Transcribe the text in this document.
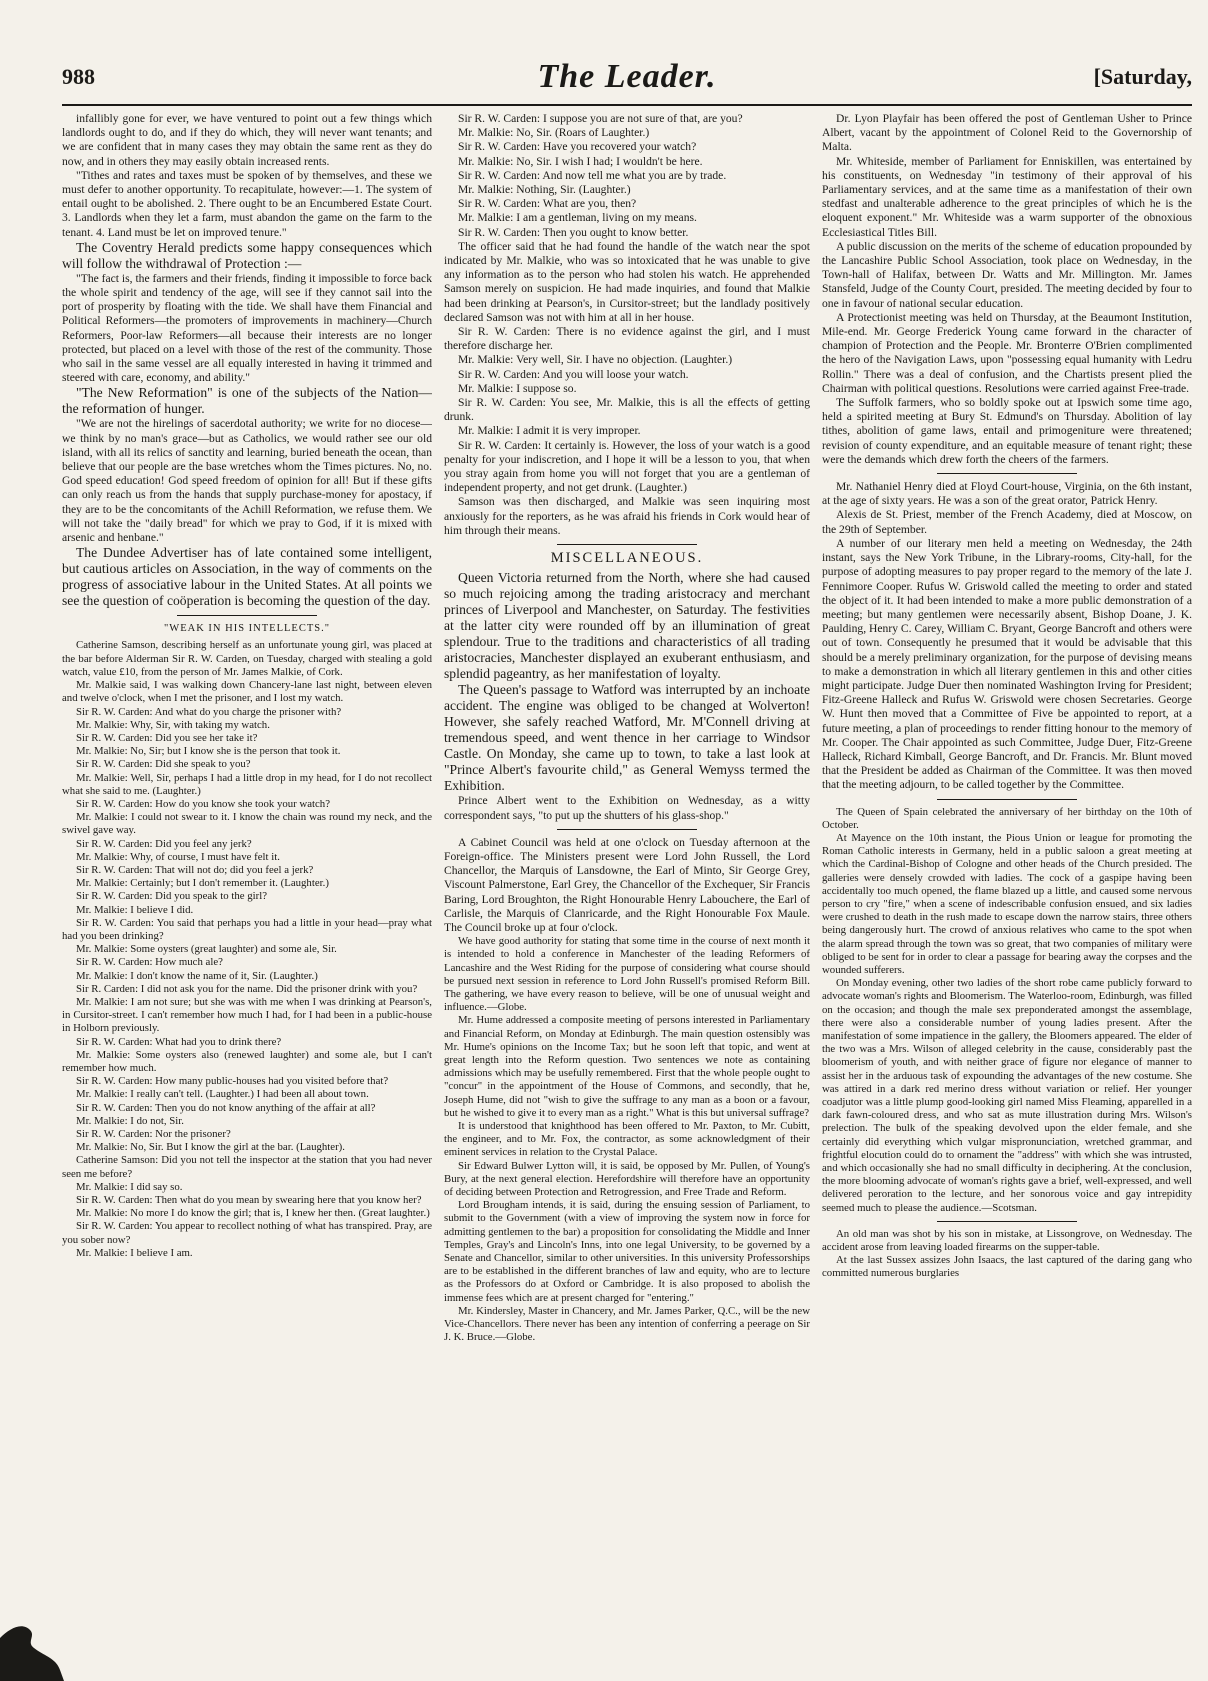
988	The Leader.	[Saturday,

infallibly gone for ever, we have ventured to point out a few things which landlords ought to do, and if they do which, they will never want tenants; and we are confident that in many cases they may obtain the same rent as they do now, and in others they may easily obtain increased rents.

"Tithes and rates and taxes must be spoken of by themselves, and these we must defer to another opportunity. To recapitulate, however:—1. The system of entail ought to be abolished. 2. There ought to be an Encumbered Estate Court. 3. Landlords when they let a farm, must abandon the game on the farm to the tenant. 4. Land must be let on improved tenure."

The Coventry Herald predicts some happy consequences which will follow the withdrawal of Protection :—

"The fact is, the farmers and their friends, finding it impossible to force back the whole spirit and tendency of the age, will see if they cannot sail into the port of prosperity by floating with the tide. We shall have them Financial and Political Reformers—the promoters of improvements in machinery—Church Reformers, Poor-law Reformers—all because their interests are no longer protected, but placed on a level with those of the rest of the community. Those who sail in the same vessel are all equally interested in having it trimmed and steered with care, economy, and ability."

"The New Reformation" is one of the subjects of the Nation—the reformation of hunger.

"We are not the hirelings of sacerdotal authority; we write for no diocese—we think by no man's grace—but as Catholics, we would rather see our old island, with all its relics of sanctity and learning, buried beneath the ocean, than believe that our people are the base wretches whom the Times pictures. No, no. God speed education! God speed freedom of opinion for all! But if these gifts can only reach us from the hands that supply purchase-money for apostacy, if they are to be the concomitants of the Achill Reformation, we refuse them. We will not take the "daily bread" for which we pray to God, if it is mixed with arsenic and henbane."

The Dundee Advertiser has of late contained some intelligent, but cautious articles on Association, in the way of comments on the progress of associative labour in the United States. At all points we see the question of coöperation is becoming the question of the day.

"WEAK IN HIS INTELLECTS."

Catherine Samson, describing herself as an unfortunate young girl, was placed at the bar before Alderman Sir R. W. Carden, on Tuesday, charged with stealing a gold watch, value £10, from the person of Mr. James Malkie, of Cork.

Mr. Malkie said, I was walking down Chancery-lane last night, between eleven and twelve o'clock, when I met the prisoner, and I lost my watch.

Sir R. W. Carden: And what do you charge the prisoner with?

Mr. Malkie: Why, Sir, with taking my watch.

Sir R. W. Carden: Did you see her take it?

Mr. Malkie: No, Sir; but I know she is the person that took it.

Sir R. W. Carden: Did she speak to you?

Mr. Malkie: Well, Sir, perhaps I had a little drop in my head, for I do not recollect what she said to me. (Laughter.)

Sir R. W. Carden: How do you know she took your watch?

Mr. Malkie: I could not swear to it. I know the chain was round my neck, and the swivel gave way.

Sir R. W. Carden: Did you feel any jerk?

Mr. Malkie: Why, of course, I must have felt it.

Sir R. W. Carden: That will not do; did you feel a jerk?

Mr. Malkie: Certainly; but I don't remember it. (Laughter.)

Sir R. W. Carden: Did you speak to the girl?

Mr. Malkie: I believe I did.

Sir R. W. Carden: You said that perhaps you had a little in your head—pray what had you been drinking?

Mr. Malkie: Some oysters (great laughter) and some ale, Sir.

Sir R. W. Carden: How much ale?

Mr. Malkie: I don't know the name of it, Sir. (Laughter.)

Sir R. Carden: I did not ask you for the name. Did the prisoner drink with you?

Mr. Malkie: I am not sure; but she was with me when I was drinking at Pearson's, in Cursitor-street. I can't remember how much I had, for I had been in a public-house in Holborn previously.

Sir R. W. Carden: What had you to drink there?

Mr. Malkie: Some oysters also (renewed laughter) and some ale, but I can't remember how much.

Sir R. W. Carden: How many public-houses had you visited before that?

Mr. Malkie: I really can't tell. (Laughter.) I had been all about town.

Sir R. W. Carden: Then you do not know anything of the affair at all?

Mr. Malkie: I do not, Sir.

Sir R. W. Carden: Nor the prisoner?

Mr. Malkie: No, Sir. But I know the girl at the bar. (Laughter).

Catherine Samson: Did you not tell the inspector at the station that you had never seen me before?

Mr. Malkie: I did say so.

Sir R. W. Carden: Then what do you mean by swearing here that you know her?

Mr. Malkie: No more I do know the girl; that is, I knew her then. (Great laughter.)

Sir R. W. Carden: You appear to recollect nothing of what has transpired. Pray, are you sober now?

Mr. Malkie: I believe I am.

Sir R. W. Carden: I suppose you are not sure of that, are you?

Mr. Malkie: No, Sir. (Roars of Laughter.)

Sir R. W. Carden: Have you recovered your watch?

Mr. Malkie: No, Sir. I wish I had; I wouldn't be here.

Sir R. W. Carden: And now tell me what you are by trade.

Mr. Malkie: Nothing, Sir. (Laughter.)

Sir R. W. Carden: What are you, then?

Mr. Malkie: I am a gentleman, living on my means.

Sir R. W. Carden: Then you ought to know better.

The officer said that he had found the handle of the watch near the spot indicated by Mr. Malkie, who was so intoxicated that he was unable to give any information as to the person who had stolen his watch. He apprehended Samson merely on suspicion. He had made inquiries, and found that Malkie had been drinking at Pearson's, in Cursitor-street; but the landlady positively declared Samson was not with him at all in her house.

Sir R. W. Carden: There is no evidence against the girl, and I must therefore discharge her.

Mr. Malkie: Very well, Sir. I have no objection. (Laughter.)

Sir R. W. Carden: And you will loose your watch.

Mr. Malkie: I suppose so.

Sir R. W. Carden: You see, Mr. Malkie, this is all the effects of getting drunk.

Mr. Malkie: I admit it is very improper.

Sir R. W. Carden: It certainly is. However, the loss of your watch is a good penalty for your indiscretion, and I hope it will be a lesson to you, that when you stray again from home you will not forget that you are a gentleman of independent property, and not get drunk. (Laughter.)

Samson was then discharged, and Malkie was seen inquiring most anxiously for the reporters, as he was afraid his friends in Cork would hear of him through their means.

MISCELLANEOUS.

Queen Victoria returned from the North, where she had caused so much rejoicing among the trading aristocracy and merchant princes of Liverpool and Manchester, on Saturday. The festivities at the latter city were rounded off by an illumination of great splendour. True to the traditions and characteristics of all trading aristocracies, Manchester displayed an exuberant enthusiasm, and splendid pageantry, as her manifestation of loyalty.

The Queen's passage to Watford was interrupted by an inchoate accident. The engine was obliged to be changed at Wolverton! However, she safely reached Watford, Mr. M'Connell driving at tremendous speed, and went thence in her carriage to Windsor Castle. On Monday, she came up to town, to take a last look at "Prince Albert's favourite child," as General Wemyss termed the Exhibition.

Prince Albert went to the Exhibition on Wednesday, as a witty correspondent says, "to put up the shutters of his glass-shop."

A Cabinet Council was held at one o'clock on Tuesday afternoon at the Foreign-office. The Ministers present were Lord John Russell, the Lord Chancellor, the Marquis of Lansdowne, the Earl of Minto, Sir George Grey, Viscount Palmerstone, Earl Grey, the Chancellor of the Exchequer, Sir Francis Baring, Lord Broughton, the Right Honourable Henry Labouchere, the Earl of Carlisle, the Marquis of Clanricarde, and the Right Honourable Fox Maule. The Council broke up at four o'clock.

We have good authority for stating that some time in the course of next month it is intended to hold a conference in Manchester of the leading Reformers of Lancashire and the West Riding for the purpose of considering what course should be pursued next session in reference to Lord John Russell's promised Reform Bill. The gathering, we have every reason to believe, will be one of unusual weight and influence.—Globe.

Mr. Hume addressed a composite meeting of persons interested in Parliamentary and Financial Reform, on Monday at Edinburgh. The main question ostensibly was Mr. Hume's opinions on the Income Tax; but he soon left that topic, and went at great length into the Reform question. Two sentences we note as containing admissions which may be usefully remembered. First that the whole people ought to "concur" in the appointment of the House of Commons, and secondly, that he, Joseph Hume, did not "wish to give the suffrage to any man as a boon or a favour, but he wished to give it to every man as a right." What is this but universal suffrage?

It is understood that knighthood has been offered to Mr. Paxton, to Mr. Cubitt, the engineer, and to Mr. Fox, the contractor, as some acknowledgment of their eminent services in relation to the Crystal Palace.

Sir Edward Bulwer Lytton will, it is said, be opposed by Mr. Pullen, of Young's Bury, at the next general election. Herefordshire will therefore have an opportunity of deciding between Protection and Retrogression, and Free Trade and Reform.

Lord Brougham intends, it is said, during the ensuing session of Parliament, to submit to the Government (with a view of improving the system now in force for admitting gentlemen to the bar) a proposition for consolidating the Middle and Inner Temples, Gray's and Lincoln's Inns, into one legal University, to be governed by a Senate and Chancellor, similar to other universities. In this university Professorships are to be established in the different branches of law and equity, who are to lecture as the Professors do at Oxford or Cambridge. It is also proposed to abolish the immense fees which are at present charged for "entering."

Mr. Kindersley, Master in Chancery, and Mr. James Parker, Q.C., will be the new Vice-Chancellors. There never has been any intention of conferring a peerage on Sir J. K. Bruce.—Globe.

Dr. Lyon Playfair has been offered the post of Gentleman Usher to Prince Albert, vacant by the appointment of Colonel Reid to the Governorship of Malta.

Mr. Whiteside, member of Parliament for Enniskillen, was entertained by his constituents, on Wednesday "in testimony of their approval of his Parliamentary services, and at the same time as a manifestation of their own stedfast and unalterable adherence to the great principles of which he is the eloquent exponent." Mr. Whiteside was a warm supporter of the obnoxious Ecclesiastical Titles Bill.

A public discussion on the merits of the scheme of education propounded by the Lancashire Public School Association, took place on Wednesday, in the Town-hall of Halifax, between Dr. Watts and Mr. Millington. Mr. James Stansfeld, Judge of the County Court, presided. The meeting decided by four to one in favour of national secular education.

A Protectionist meeting was held on Thursday, at the Beaumont Institution, Mile-end. Mr. George Frederick Young came forward in the character of champion of Protection and the People. Mr. Bronterre O'Brien complimented the hero of the Navigation Laws, upon "possessing equal humanity with Ledru Rollin." There was a deal of confusion, and the Chartists present plied the Chairman with political questions. Resolutions were carried against Free-trade.

The Suffolk farmers, who so boldly spoke out at Ipswich some time ago, held a spirited meeting at Bury St. Edmund's on Thursday. Abolition of lay tithes, abolition of game laws, entail and primogeniture were threatened; revision of county expenditure, and an equitable measure of tenant right; these were the demands which drew forth the cheers of the farmers.

Mr. Nathaniel Henry died at Floyd Court-house, Virginia, on the 6th instant, at the age of sixty years. He was a son of the great orator, Patrick Henry.

Alexis de St. Priest, member of the French Academy, died at Moscow, on the 29th of September.

A number of our literary men held a meeting on Wednesday, the 24th instant, says the New York Tribune, in the Library-rooms, City-hall, for the purpose of adopting measures to pay proper regard to the memory of the late J. Fennimore Cooper. Rufus W. Griswold called the meeting to order and stated the object of it. It had been intended to make a more public demonstration of a meeting; but many gentlemen were necessarily absent, Bishop Doane, J. K. Paulding, Henry C. Carey, William C. Bryant, George Bancroft and others were out of town. Consequently he presumed that it would be advisable that this should be a merely preliminary organization, for the purpose of devising means to make a demonstration in which all literary gentlemen in this and other cities might participate. Judge Duer then nominated Washington Irving for President; Fitz-Greene Halleck and Rufus W. Griswold were chosen Secretaries. George W. Hunt then moved that a Committee of Five be appointed to report, at a future meeting, a plan of proceedings to render fitting honour to the memory of Mr. Cooper. The Chair appointed as such Committee, Judge Duer, Fitz-Greene Halleck, Richard Kimball, George Bancroft, and Dr. Francis. Mr. Blunt moved that the President be added as Chairman of the Committee. It was then moved that the meeting adjourn, to be called together by the Committee.

The Queen of Spain celebrated the anniversary of her birthday on the 10th of October.

At Mayence on the 10th instant, the Pious Union or league for promoting the Roman Catholic interests in Germany, held in a public saloon a great meeting at which the Cardinal-Bishop of Cologne and other heads of the Church presided. The galleries were densely crowded with ladies. The cock of a gaspipe having been accidentally too much opened, the flame blazed up a little, and caused some nervous person to cry "fire," when a scene of indescribable confusion ensued, and six ladies were crushed to death in the rush made to escape down the narrow stairs, three others being dangerously hurt. The crowd of anxious relatives who came to the spot when the alarm spread through the town was so great, that two companies of military were obliged to be sent for in order to clear a passage for bearing away the corpses and the wounded sufferers.

On Monday evening, other two ladies of the short robe came publicly forward to advocate woman's rights and Bloomerism. The Waterloo-room, Edinburgh, was filled on the occasion; and though the male sex preponderated amongst the assemblage, there were also a considerable number of young ladies present. After the manifestation of some impatience in the gallery, the Bloomers appeared. The elder of the two was a Mrs. Wilson of alleged celebrity in the cause, considerably past the bloomerism of youth, and with neither grace of figure nor elegance of manner to assist her in the arduous task of expounding the advantages of the new costume. She was attired in a dark red merino dress without variation or relief. Her younger coadjutor was a little plump good-looking girl named Miss Fleaming, apparelled in a dark fawn-coloured dress, and who sat as mute illustration during Mrs. Wilson's prelection. The bulk of the speaking devolved upon the elder female, and she certainly did everything which vulgar mispronunciation, wretched grammar, and frightful elocution could do to ornament the "address" with which she was intrusted, and which occasionally she had no small difficulty in deciphering. At the conclusion, the more blooming advocate of woman's rights gave a brief, well-expressed, and well delivered peroration to the lecture, and her sonorous voice and gay intrepidity seemed much to please the audience.—Scotsman.

An old man was shot by his son in mistake, at Lissongrove, on Wednesday. The accident arose from leaving loaded firearms on the supper-table.

At the last Sussex assizes John Isaacs, the last captured of the daring gang who committed numerous burglaries
